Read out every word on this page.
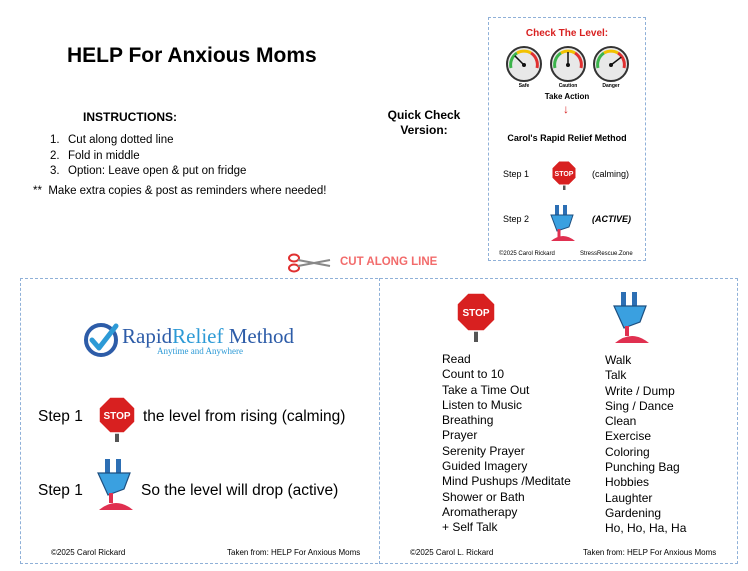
HELP For Anxious Moms
INSTRUCTIONS:
1. Cut along dotted line
2. Fold in middle
3. Option: Leave open & put on fridge
** Make extra copies & post as reminders where needed!
Quick Check
Version:
Check The Level:
Safe	Caution	Danger
Take Action
↓
Carol's Rapid Relief Method
Step 1	STOP (calming)
Step 2	(ACTIVE)
©2025 Carol Rickard	StressRescue.Zone
CUT ALONG LINE
RapidRelief Method
Anytime and Anywhere
Step 1 STOP the level from rising (calming)
Step 1	So the level will drop (active)
©2025 Carol Rickard	Taken from: HELP For Anxious Moms
STOP
Read
Count to 10
Take a Time Out
Listen to Music
Breathing
Prayer
Serenity Prayer
Guided Imagery
Mind Pushups /Meditate
Shower or Bath
Aromatherapy
+ Self Talk
Walk
Talk
Write / Dump
Sing / Dance
Clean
Exercise
Coloring
Punching Bag
Hobbies
Laughter
Gardening
Ho, Ho, Ha, Ha
©2025 Carol L. Rickard	Taken from: HELP For Anxious Moms
